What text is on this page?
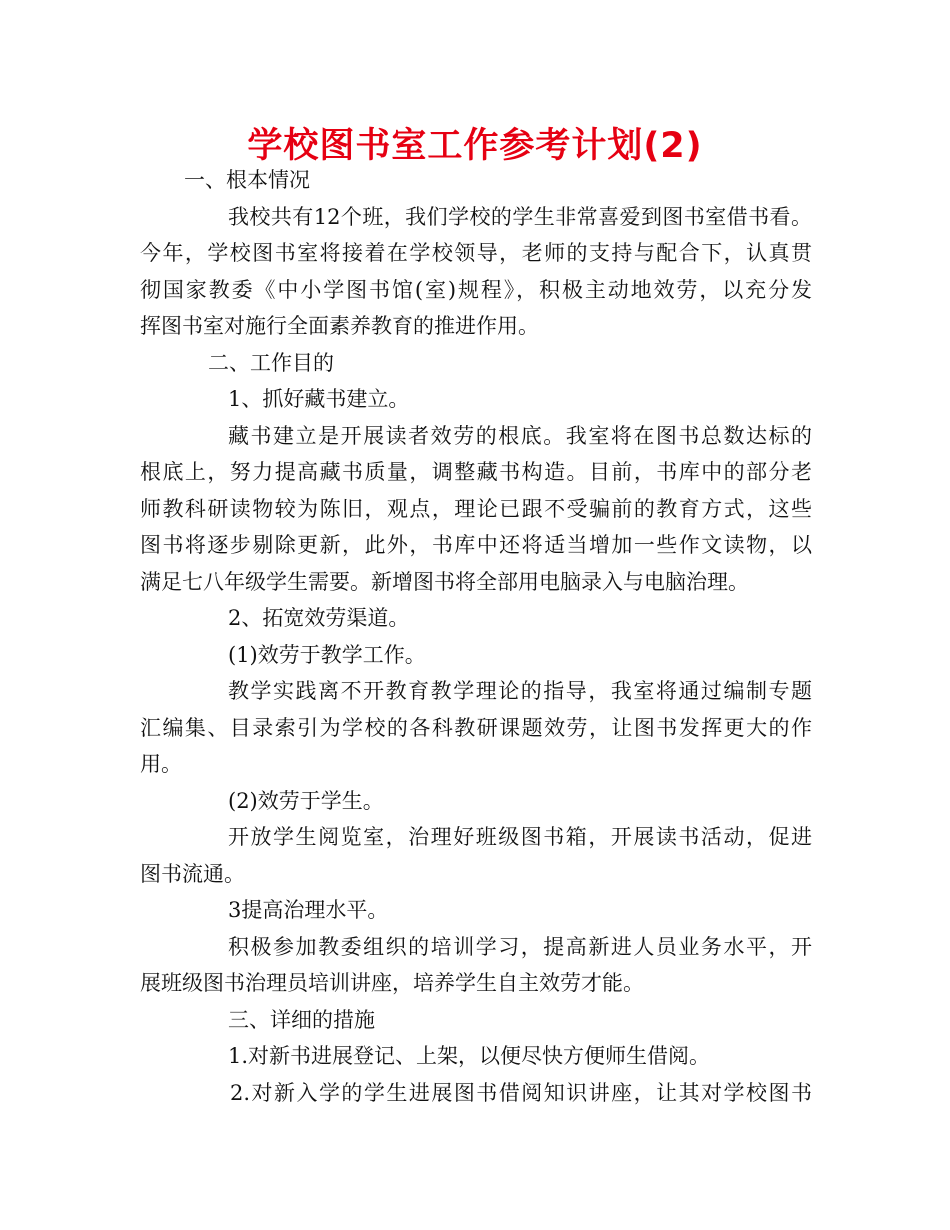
学校图书室工作参考计划(2)
一、根本情况
我校共有12个班，我们学校的学生非常喜爱到图书室借书看。
今年，学校图书室将接着在学校领导，老师的支持与配合下，认真贯
彻国家教委《中小学图书馆(室)规程》，积极主动地效劳，以充分发
挥图书室对施行全面素养教育的推进作用。
二、工作目的
1、抓好藏书建立。
藏书建立是开展读者效劳的根底。我室将在图书总数达标的
根底上，努力提高藏书质量，调整藏书构造。目前，书库中的部分老
师教科研读物较为陈旧，观点，理论已跟不受骗前的教育方式，这些
图书将逐步剔除更新，此外，书库中还将适当增加一些作文读物，以
满足七八年级学生需要。新增图书将全部用电脑录入与电脑治理。
2、拓宽效劳渠道。
(1)效劳于教学工作。
教学实践离不开教育教学理论的指导，我室将通过编制专题
汇编集、目录索引为学校的各科教研课题效劳，让图书发挥更大的作
用。
(2)效劳于学生。
开放学生阅览室，治理好班级图书箱，开展读书活动，促进
图书流通。
3提高治理水平。
积极参加教委组织的培训学习，提高新进人员业务水平，开
展班级图书治理员培训讲座，培养学生自主效劳才能。
三、详细的措施
1.对新书进展登记、上架，以便尽快方便师生借阅。
2.对新入学的学生进展图书借阅知识讲座，让其对学校图书
